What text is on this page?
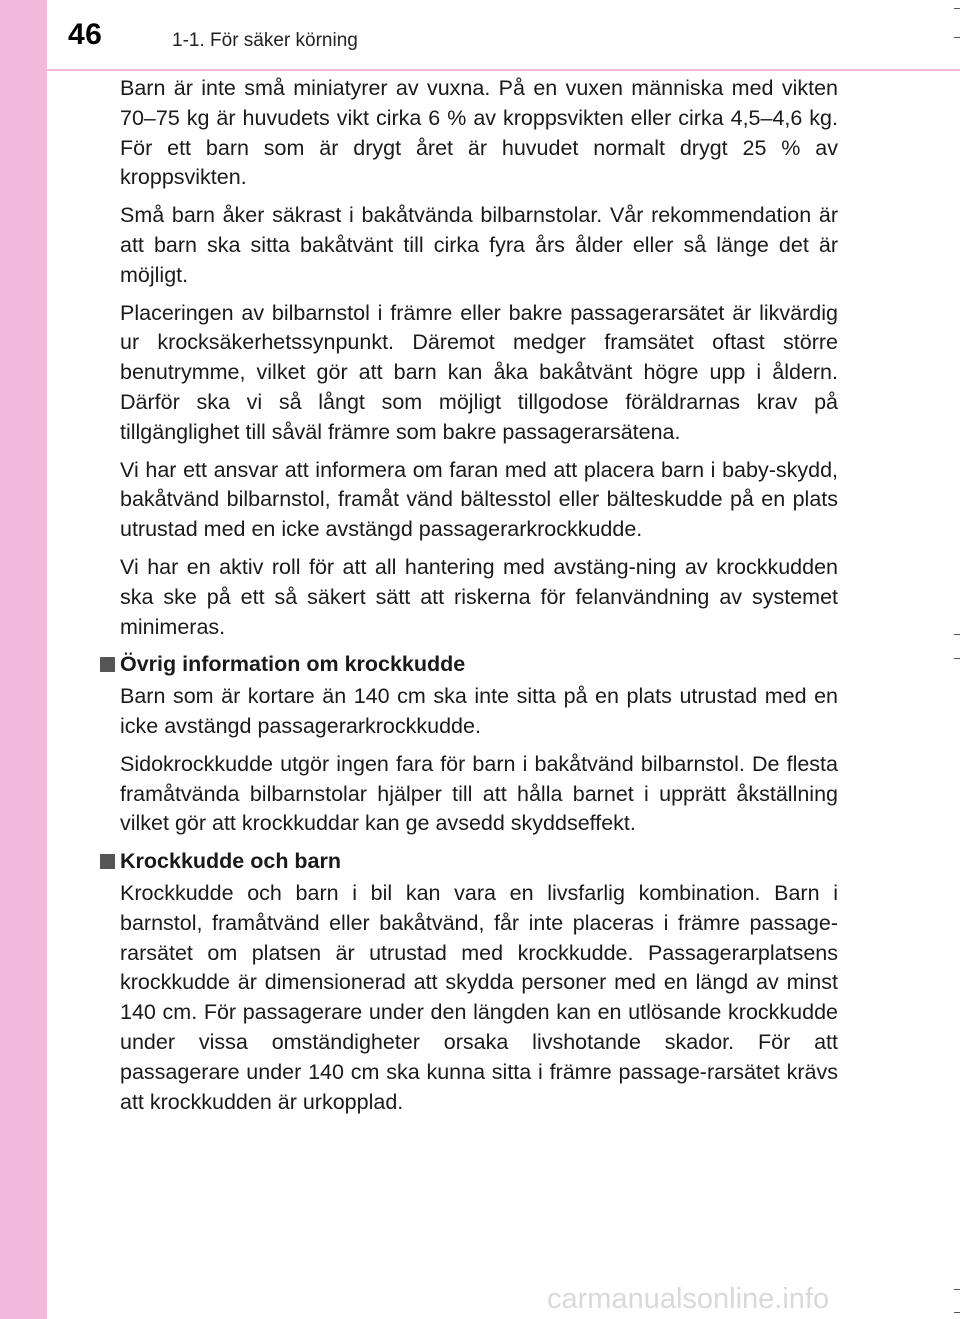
46	1-1. För säker körning

Barn är inte små miniatyrer av vuxna. På en vuxen människa med vikten 70–75 kg är huvudets vikt cirka 6 % av kroppsvikten eller cirka 4,5–4,6 kg. För ett barn som är drygt året är huvudet normalt drygt 25 % av kroppsvikten.

Små barn åker säkrast i bakåtvända bilbarnstolar. Vår rekommendation är att barn ska sitta bakåtvänt till cirka fyra års ålder eller så länge det är möjligt.

Placeringen av bilbarnstol i främre eller bakre passagerarsätet är likvärdig ur krocksäkerhetssynpunkt. Däremot medger framsätet oftast större benutrymme, vilket gör att barn kan åka bakåtvänt högre upp i åldern. Därför ska vi så långt som möjligt tillgodose föräldrarnas krav på tillgänglighet till såväl främre som bakre passagerarsätena.

Vi har ett ansvar att informera om faran med att placera barn i baby-skydd, bakåtvänd bilbarnstol, framåt vänd bältesstol eller bälteskudde på en plats utrustad med en icke avstängd passagerarkrockkudde.

Vi har en aktiv roll för att all hantering med avstäng-ning av krockkudden ska ske på ett så säkert sätt att riskerna för felanvändning av systemet minimeras.

Övrig information om krockkudde

Barn som är kortare än 140 cm ska inte sitta på en plats utrustad med en icke avstängd passagerarkrockkudde.

Sidokrockkudde utgör ingen fara för barn i bakåtvänd bilbarnstol. De flesta framåtvända bilbarnstolar hjälper till att hålla barnet i upprätt åkställning vilket gör att krockkuddar kan ge avsedd skyddseffekt.

Krockkudde och barn

Krockkudde och barn i bil kan vara en livsfarlig kombination. Barn i barnstol, framåtvänd eller bakåtvänd, får inte placeras i främre passage-rarsätet om platsen är utrustad med krockkudde. Passagerarplatsens krockkudde är dimensionerad att skydda personer med en längd av minst 140 cm. För passagerare under den längden kan en utlösande krockkudde under vissa omständigheter orsaka livshotande skador. För att passagerare under 140 cm ska kunna sitta i främre passage-rarsätet krävs att krockkudden är urkopplad.

carmanualsonline.info
